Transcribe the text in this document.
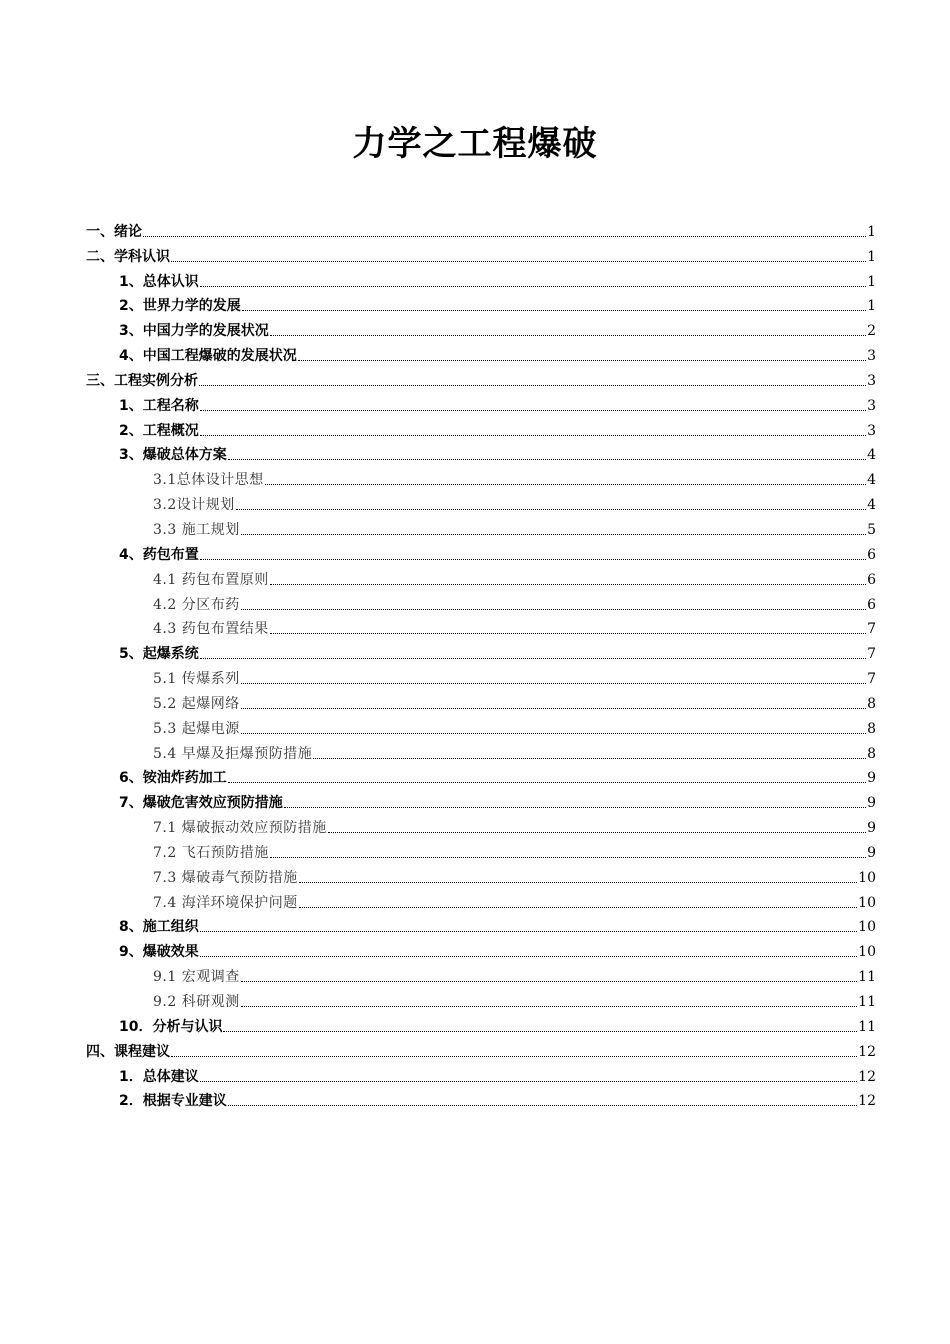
力学之工程爆破
一、绪论	1
二、学科认识	1
1、总体认识	1
2、世界力学的发展	1
3、中国力学的发展状况	2
4、中国工程爆破的发展状况	3
三、工程实例分析	3
1、工程名称	3
2、工程概况	3
3、爆破总体方案	4
3.1总体设计思想	4
3.2设计规划	4
3.3 施工规划	5
4、药包布置	6
4.1 药包布置原则	6
4.2 分区布药	6
4.3 药包布置结果	7
5、起爆系统	7
5.1 传爆系列	7
5.2 起爆网络	8
5.3 起爆电源	8
5.4 早爆及拒爆预防措施	8
6、铵油炸药加工	9
7、爆破危害效应预防措施	9
7.1 爆破振动效应预防措施	9
7.2 飞石预防措施	9
7.3 爆破毒气预防措施	10
7.4 海洋环境保护问题	10
8、施工组织	10
9、爆破效果	10
9.1 宏观调查	11
9.2 科研观测	11
10．分析与认识	11
四、课程建议	12
1．总体建议	12
2．根据专业建议	12
